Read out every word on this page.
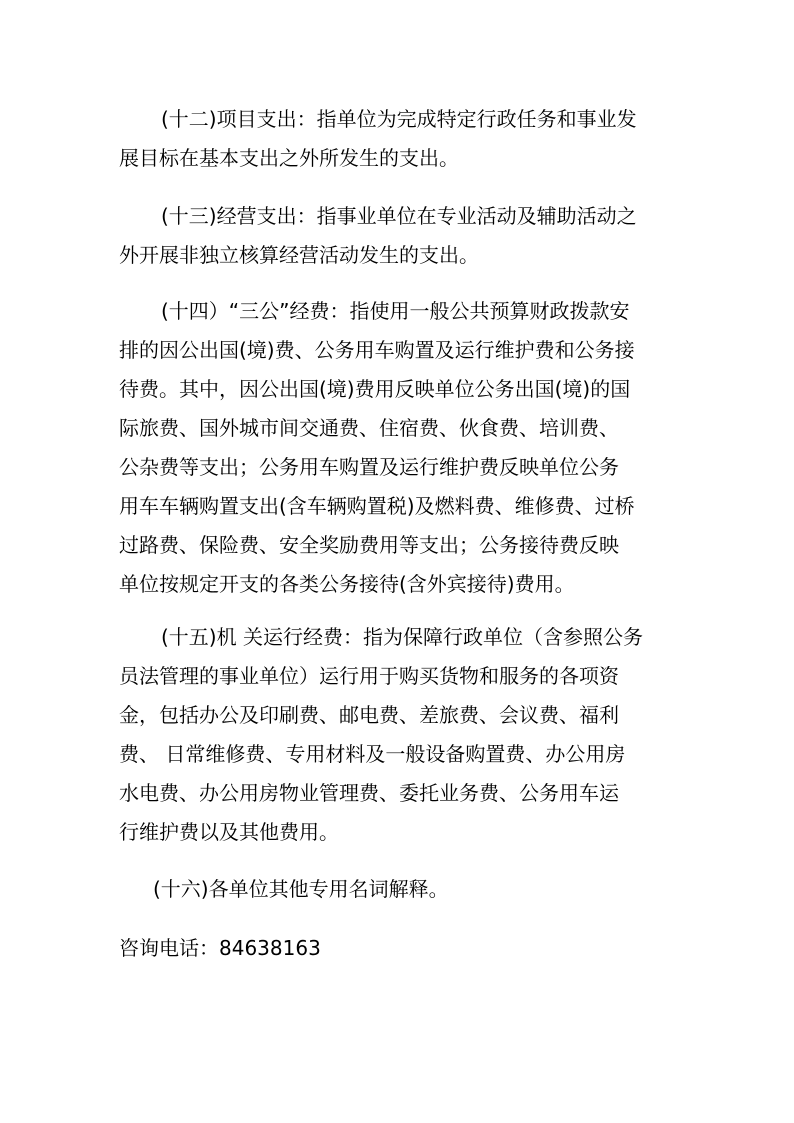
(十二)项目支出：指单位为完成特定行政任务和事业发
展目标在基本支出之外所发生的支出。
(十三)经营支出：指事业单位在专业活动及辅助活动之
外开展非独立核算经营活动发生的支出。
(十四）“三公”经费：指使用一般公共预算财政拨款安
排的因公出国(境)费、公务用车购置及运行维护费和公务接
待费。其中，因公出国(境)费用反映单位公务出国(境)的国
际旅费、国外城市间交通费、住宿费、伙食费、培训费、
公杂费等支出；公务用车购置及运行维护费反映单位公务
用车车辆购置支出(含车辆购置税)及燃料费、维修费、过桥
过路费、保险费、安全奖励费用等支出；公务接待费反映
单位按规定开支的各类公务接待(含外宾接待)费用。
(十五)机 关运行经费：指为保障行政单位（含参照公务
员法管理的事业单位）运行用于购买货物和服务的各项资
金，包括办公及印刷费、邮电费、差旅费、会议费、福利
费、 日常维修费、专用材料及一般设备购置费、办公用房
水电费、办公用房物业管理费、委托业务费、公务用车运
行维护费以及其他费用。
(十六)各单位其他专用名词解释。
咨询电话：84638163
